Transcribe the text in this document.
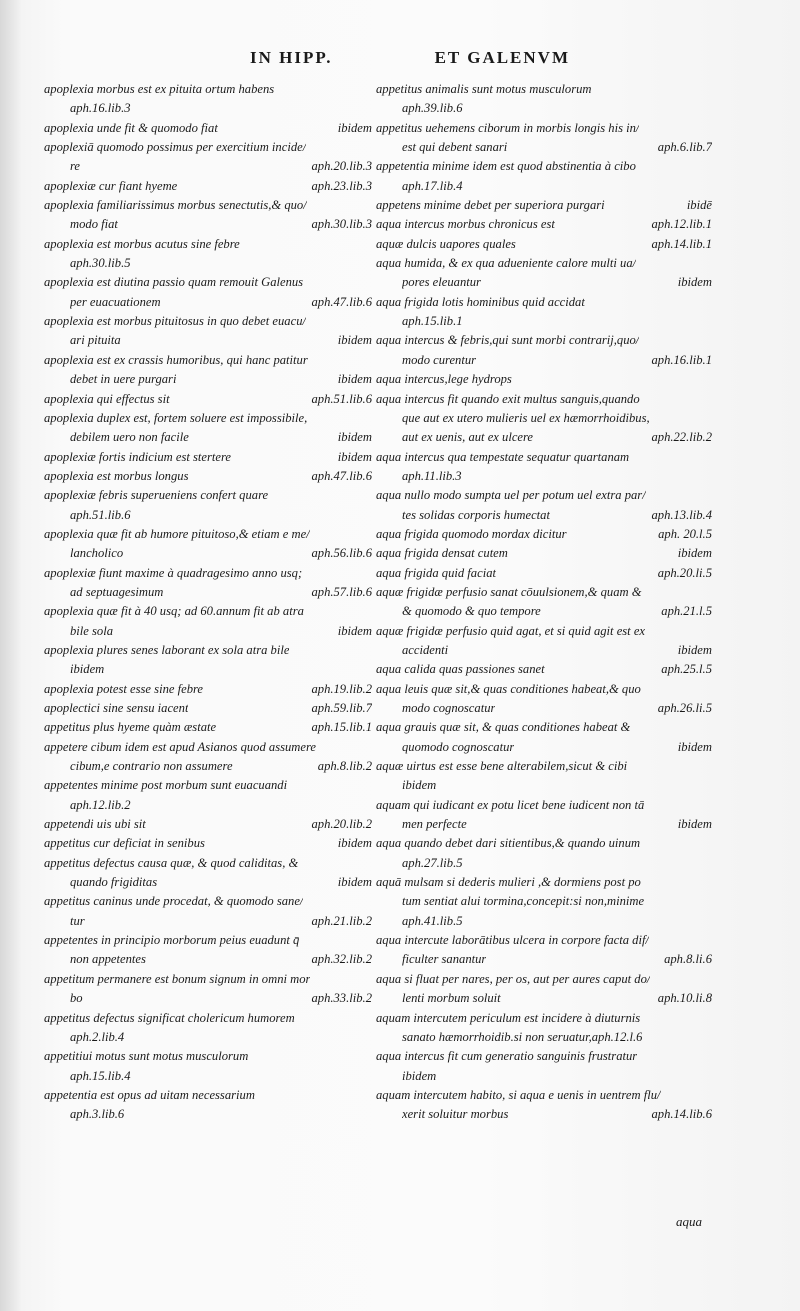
IN HIPP.	ET GALENVM
apoplexia morbus est ex pituita ortum habens
aph.16.lib.3
apoplexia unde fit & quomodo fiat	ibidem
apoplexiā quomodo possimus per exercitium incide/
re	aph.20.lib.3
apoplexiæ cur fiant hyeme	aph.23.lib.3
apoplexia familiarissimus morbus senectutis,& quo/
modo fiat	aph.30.lib.3
apoplexia est morbus acutus sine febre
aph.30.lib.5
apoplexia est diutina passio quam remouit Galenus
per euacuationem	aph.47.lib.6
apoplexia est morbus pituitosus in quo debet euacu/
ari pituita	ibidem
apoplexia est ex crassis humoribus, qui hanc patitur
debet in uere purgari	ibidem
apoplexia qui effectus sit	aph.51.lib.6
apoplexia duplex est, fortem soluere est impossibile,
debilem uero non facile	ibidem
apoplexiæ fortis indicium est stertere	ibidem
apoplexia est morbus longus	aph.47.lib.6
apoplexiæ febris superueniens confert quare
aph.51.lib.6
apoplexia quæ fit ab humore pituitoso,& etiam e me/
lancholico	aph.56.lib.6
apoplexiæ fiunt maxime à quadragesimo anno usq;
ad septuagesimum	aph.57.lib.6
apoplexia quæ fit à 40 usq; ad 60.annum fit ab atra
bile sola	ibidem
apoplexia plures senes laborant ex sola atra bile
ibidem
apoplexia potest esse sine febre	aph.19.lib.2
apoplectici sine sensu iacent	aph.59.lib.7
appetitus plus hyeme quàm æstate	aph.15.lib.1
appetere cibum idem est apud Asianos quod assumere
cibum,e contrario non assumere	aph.8.lib.2
appetentes minime post morbum sunt euacuandi
aph.12.lib.2
appetendi uis ubi sit	aph.20.lib.2
appetitus cur deficiat in senibus	ibidem
appetitus defectus causa quæ, & quod caliditas, &
quando frigiditas	ibidem
appetitus caninus unde procedat, & quomodo sane/
tur	aph.21.lib.2
appetentes in principio morborum peius euadunt q̄
non appetentes	aph.32.lib.2
appetitum permanere est bonum signum in omni mor
bo	aph.33.lib.2
appetitus defectus significat cholericum humorem
aph.2.lib.4
appetitiui motus sunt motus musculorum
aph.15.lib.4
appetentia est opus ad uitam necessarium
aph.3.lib.6
appetitus animalis sunt motus musculorum
aph.39.lib.6
appetitus uehemens ciborum in morbis longis his in/
est qui debent sanari	aph.6.lib.7
appetentia minime idem est quod abstinentia à cibo
aph.17.lib.4
appetens minime debet per superiora purgari	ibidē
aqua intercus morbus chronicus est	aph.12.lib.1
aquæ dulcis uapores quales	aph.14.lib.1
aqua humida, & ex qua adueniente calore multi ua/
pores eleuantur	ibidem
aqua frigida lotis hominibus quid accidat
aph.15.lib.1
aqua intercus & febris,qui sunt morbi contrarij,quo/
modo curentur	aph.16.lib.1
aqua intercus,lege hydrops
aqua intercus fit quando exit multus sanguis,quando
que aut ex utero mulieris uel ex hæmorrhoidibus,
aut ex uenis, aut ex ulcere	aph.22.lib.2
aqua intercus qua tempestate sequatur quartanam
aph.11.lib.3
aqua nullo modo sumpta uel per potum uel extra par/
tes solidas corporis humectat	aph.13.lib.4
aqua frigida quomodo mordax dicitur	aph. 20.l.5
aqua frigida densat cutem	ibidem
aqua frigida quid faciat	aph.20.li.5
aquæ frigidæ perfusio sanat cōuulsionem,& quam &
& quomodo & quo tempore	aph.21.l.5
aquæ frigidæ perfusio quid agat, et si quid agit est ex
accidenti	ibidem
aqua calida quas passiones sanet	aph.25.l.5
aqua leuis quæ sit,& quas conditiones habeat,& quo
modo cognoscatur	aph.26.li.5
aqua grauis quæ sit, & quas conditiones habeat &
quomodo cognoscatur	ibidem
aquæ uirtus est esse bene alterabilem,sicut & cibi
ibidem
aquam qui iudicant ex potu licet bene iudicent non tā
men perfecte	ibidem
aqua quando debet dari sitientibus,& quando uinum
aph.27.lib.5
aquā mulsam si dederis mulieri ,& dormiens post po
tum sentiat alui tormina,concepit:si non,minime
aph.41.lib.5
aqua intercute laborātibus ulcera in corpore facta dif/
ficulter sanantur	aph.8.li.6
aqua si fluat per nares, per os, aut per aures caput do/
lenti morbum soluit	aph.10.li.8
aquam intercutem periculum est incidere à diuturnis
sanato hæmorrhoidib.si non seruatur,aph.12.l.6
aqua intercus fit cum generatio sanguinis frustratur
ibidem
aquam intercutem habito, si aqua e uenis in uentrem flu/
xerit soluitur morbus	aph.14.lib.6
aqua
